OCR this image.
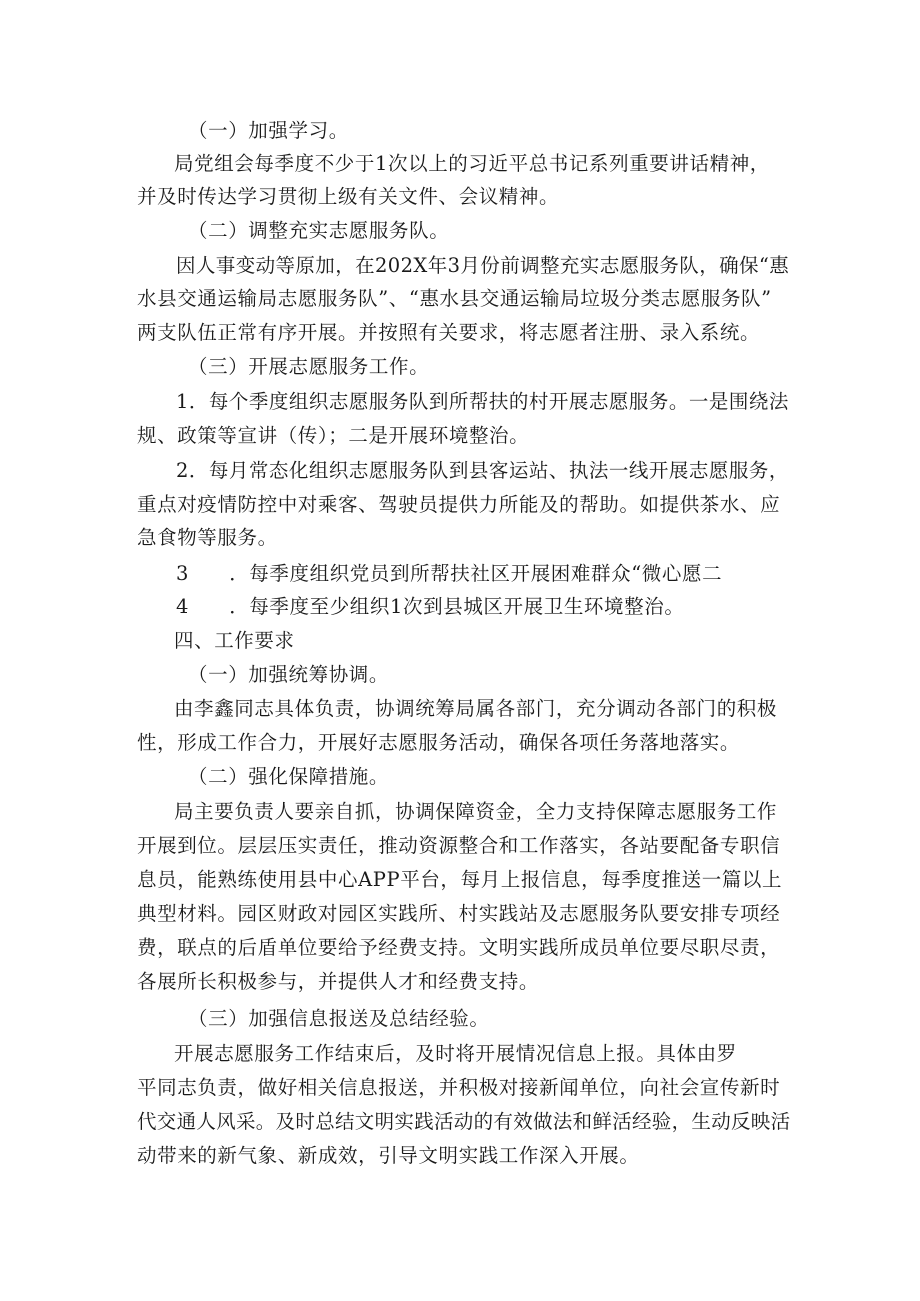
（一）加强学习。
局党组会每季度不少于1次以上的习近平总书记系列重要讲话精神，
并及时传达学习贯彻上级有关文件、会议精神。
（二）调整充实志愿服务队。
因人事变动等原加，在202X年3月份前调整充实志愿服务队，确保“惠
水县交通运输局志愿服务队”、“惠水县交通运输局垃圾分类志愿服务队”
两支队伍正常有序开展。并按照有关要求，将志愿者注册、录入系统。
（三）开展志愿服务工作。
1．每个季度组织志愿服务队到所帮扶的村开展志愿服务。一是围绕法
规、政策等宣讲（传）；二是开展环境整治。
2．每月常态化组织志愿服务队到县客运站、执法一线开展志愿服务，
重点对疫情防控中对乘客、驾驶员提供力所能及的帮助。如提供茶水、应
急食物等服务。
3　　．每季度组织党员到所帮扶社区开展困难群众“微心愿二
4　　．每季度至少组织1次到县城区开展卫生环境整治。
四、工作要求
（一）加强统筹协调。
由李鑫同志具体负责，协调统筹局属各部门，充分调动各部门的积极
性，形成工作合力，开展好志愿服务活动，确保各项任务落地落实。
（二）强化保障措施。
局主要负责人要亲自抓，协调保障资金，全力支持保障志愿服务工作
开展到位。层层压实责任，推动资源整合和工作落实，各站要配备专职信
息员，能熟练使用县中心APP平台，每月上报信息，每季度推送一篇以上
典型材料。园区财政对园区实践所、村实践站及志愿服务队要安排专项经
费，联点的后盾单位要给予经费支持。文明实践所成员单位要尽职尽责，
各展所长积极参与，并提供人才和经费支持。
（三）加强信息报送及总结经验。
开展志愿服务工作结束后，及时将开展情况信息上报。具体由罗
平同志负责，做好相关信息报送，并积极对接新闻单位，向社会宣传新时
代交通人风采。及时总结文明实践活动的有效做法和鲜活经验，生动反映活
动带来的新气象、新成效，引导文明实践工作深入开展。
